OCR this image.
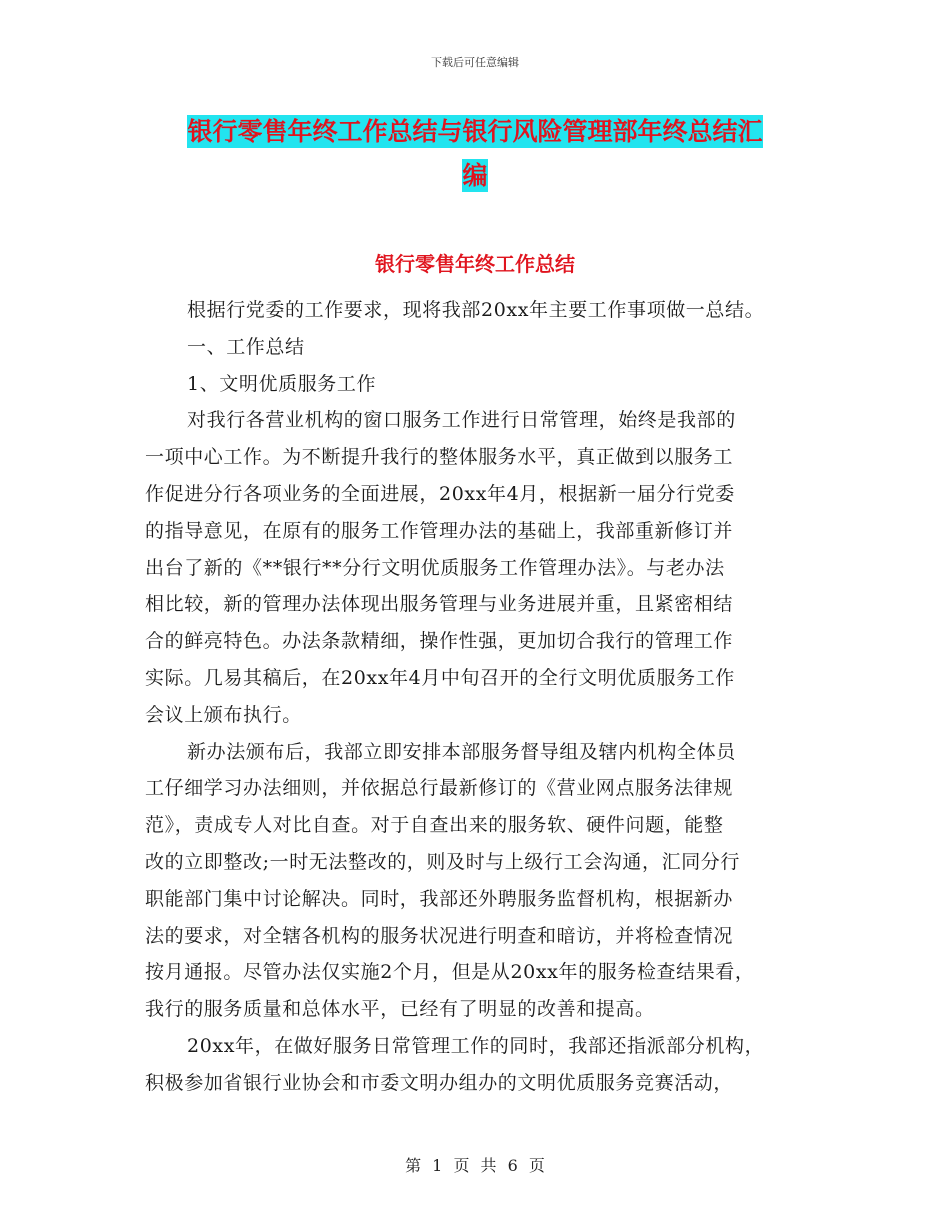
下载后可任意编辑
银行零售年终工作总结与银行风险管理部年终总结汇
编
银行零售年终工作总结

根据行党委的工作要求，现将我部20xx年主要工作事项做一总结。

一、工作总结

1、文明优质服务工作

对我行各营业机构的窗口服务工作进行日常管理，始终是我部的

一项中心工作。为不断提升我行的整体服务水平，真正做到以服务工

作促进分行各项业务的全面进展，20xx年4月，根据新一届分行党委

的指导意见，在原有的服务工作管理办法的基础上，我部重新修订并

出台了新的《**银行**分行文明优质服务工作管理办法》。与老办法

相比较，新的管理办法体现出服务管理与业务进展并重，且紧密相结

合的鲜亮特色。办法条款精细，操作性强，更加切合我行的管理工作

实际。几易其稿后，在20xx年4月中旬召开的全行文明优质服务工作

会议上颁布执行。

新办法颁布后，我部立即安排本部服务督导组及辖内机构全体员

工仔细学习办法细则，并依据总行最新修订的《营业网点服务法律规

范》，责成专人对比自查。对于自查出来的服务软、硬件问题，能整

改的立即整改;一时无法整改的，则及时与上级行工会沟通，汇同分行

职能部门集中讨论解决。同时，我部还外聘服务监督机构，根据新办

法的要求，对全辖各机构的服务状况进行明查和暗访，并将检查情况

按月通报。尽管办法仅实施2个月，但是从20xx年的服务检查结果看，

我行的服务质量和总体水平，已经有了明显的改善和提高。

20xx年，在做好服务日常管理工作的同时，我部还指派部分机构，

积极参加省银行业协会和市委文明办组办的文明优质服务竞赛活动，

第 1 页 共 6 页
